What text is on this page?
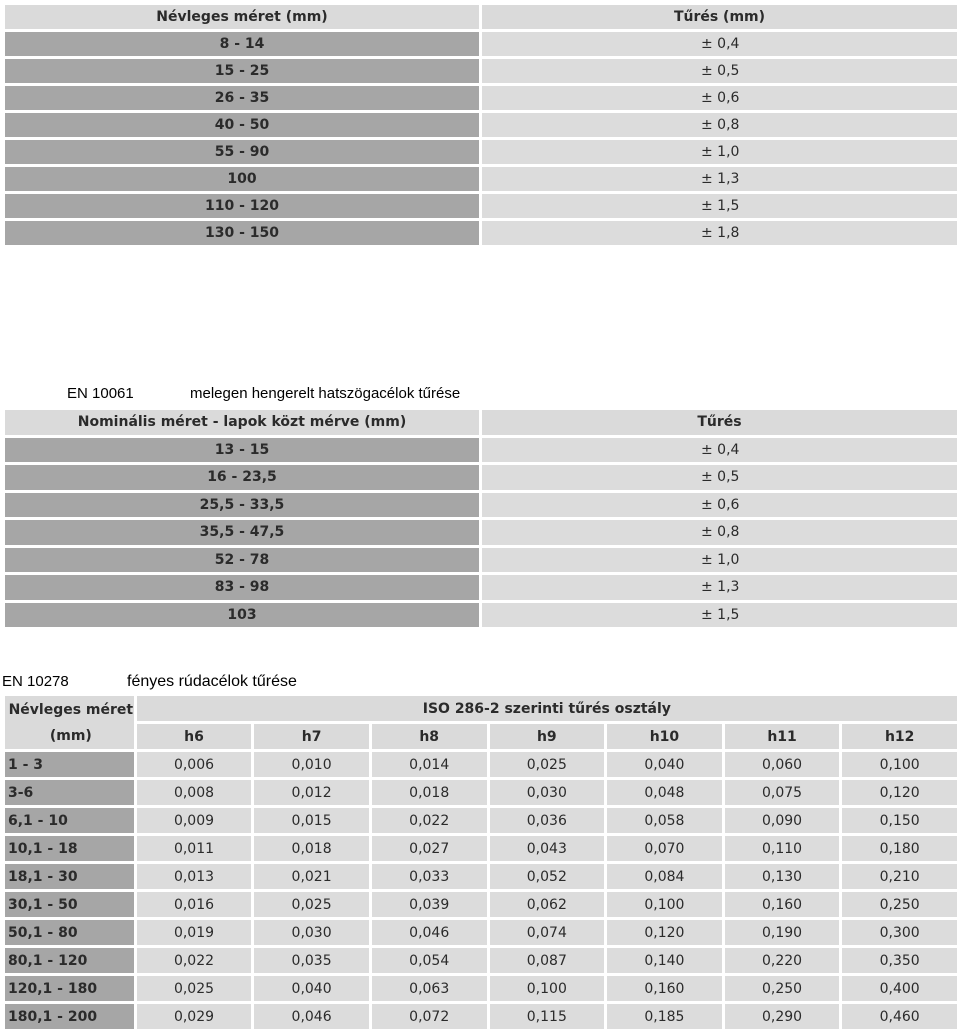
Névleges méret (mm)	Tűrés (mm)
8 - 14	± 0,4
15 - 25	± 0,5
26 - 35	± 0,6
40 - 50	± 0,8
55 - 90	± 1,0
100	± 1,3
110 - 120	± 1,5
130 - 150	± 1,8
EN 10061	melegen hengerelt hatszögacélok tűrése
Nominális méret - lapok közt mérve (mm)	Tűrés
13 - 15	± 0,4
16 - 23,5	± 0,5
25,5 - 33,5	± 0,6
35,5 - 47,5	± 0,8
52 - 78	± 1,0
83 - 98	± 1,3
103	± 1,5
EN 10278	fényes rúdacélok tűrése
Névleges méret
(mm)	ISO 286-2 szerinti tűrés osztály						
	h6	h7	h8	h9	h10	h11	h12
1 - 3	0,006	0,010	0,014	0,025	0,040	0,060	0,100
3-6	0,008	0,012	0,018	0,030	0,048	0,075	0,120
6,1 - 10	0,009	0,015	0,022	0,036	0,058	0,090	0,150
10,1 - 18	0,011	0,018	0,027	0,043	0,070	0,110	0,180
18,1 - 30	0,013	0,021	0,033	0,052	0,084	0,130	0,210
30,1 - 50	0,016	0,025	0,039	0,062	0,100	0,160	0,250
50,1 - 80	0,019	0,030	0,046	0,074	0,120	0,190	0,300
80,1 - 120	0,022	0,035	0,054	0,087	0,140	0,220	0,350
120,1 - 180	0,025	0,040	0,063	0,100	0,160	0,250	0,400
180,1 - 200	0,029	0,046	0,072	0,115	0,185	0,290	0,460
